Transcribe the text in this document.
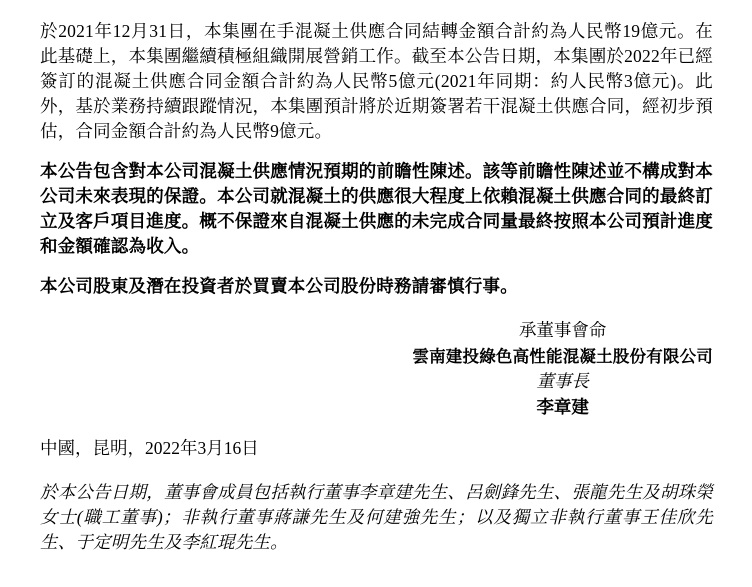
於2021年12月31日，本集團在手混凝土供應合同結轉金額合計約為人民幣19億元。在此基礎上，本集團繼續積極組織開展營銷工作。截至本公告日期，本集團於2022年已經簽訂的混凝土供應合同金額合計約為人民幣5億元(2021年同期：約人民幣3億元)。此外，基於業務持續跟蹤情況，本集團預計將於近期簽署若干混凝土供應合同，經初步預估，合同金額合計約為人民幣9億元。

本公告包含對本公司混凝土供應情況預期的前瞻性陳述。該等前瞻性陳述並不構成對本公司未來表現的保證。本公司就混凝土的供應很大程度上依賴混凝土供應合同的最終訂立及客戶項目進度。概不保證來自混凝土供應的未完成合同量最終按照本公司預計進度和金額確認為收入。

本公司股東及潛在投資者於買賣本公司股份時務請審慎行事。

承董事會命
雲南建投綠色高性能混凝土股份有限公司
董事長
李章建

中國，昆明，2022年3月16日

於本公告日期，董事會成員包括執行董事李章建先生、呂劍鋒先生、張龍先生及胡珠榮女士(職工董事)；非執行董事蔣謙先生及何建強先生；以及獨立非執行董事王佳欣先生、于定明先生及李紅琨先生。
